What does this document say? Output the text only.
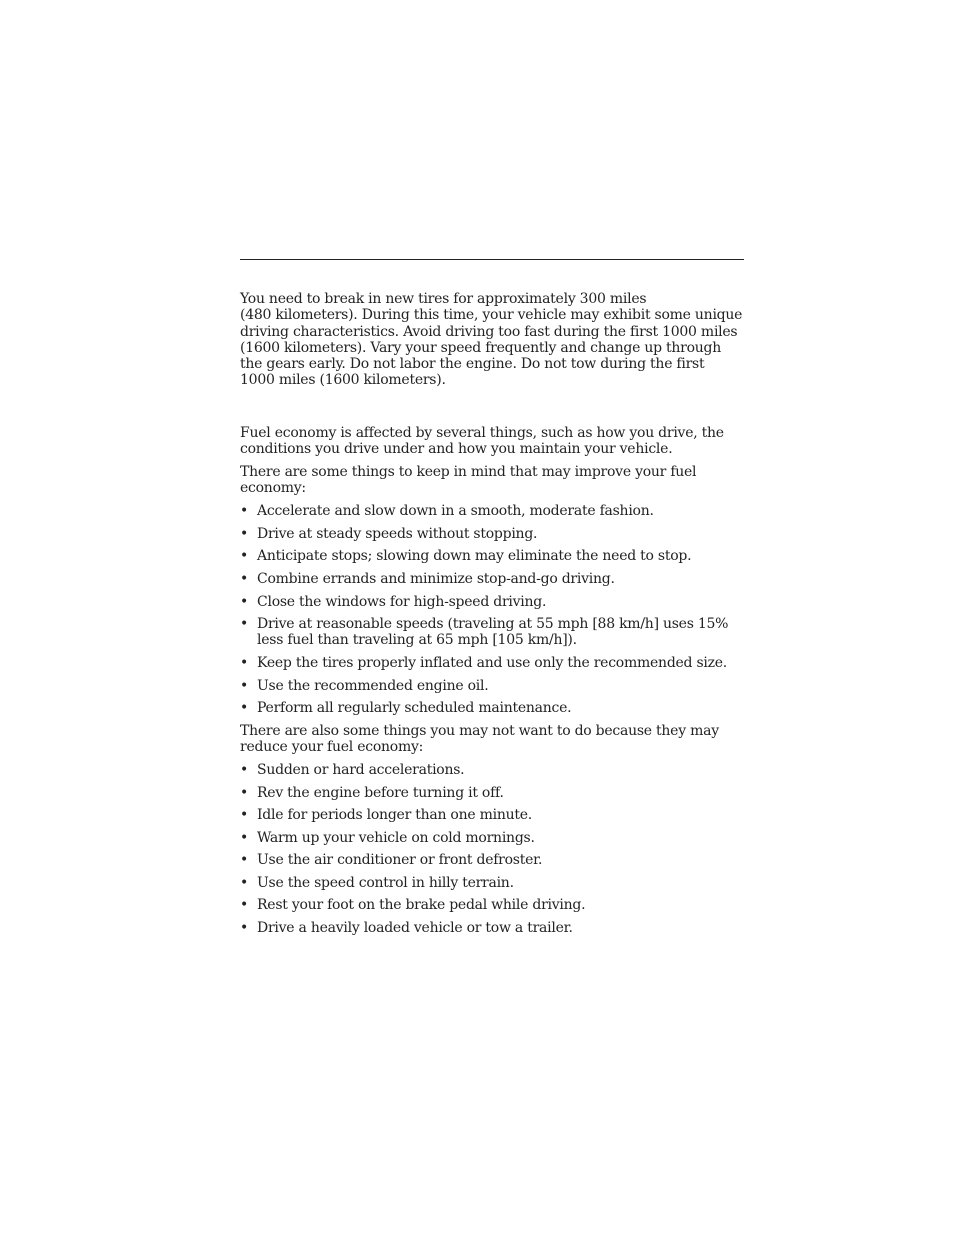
You need to break in new tires for approximately 300 miles
(480 kilometers). During this time, your vehicle may exhibit some unique
driving characteristics. Avoid driving too fast during the first 1000 miles
(1600 kilometers). Vary your speed frequently and change up through
the gears early. Do not labor the engine. Do not tow during the first
1000 miles (1600 kilometers).

Fuel economy is affected by several things, such as how you drive, the
conditions you drive under and how you maintain your vehicle.

There are some things to keep in mind that may improve your fuel
economy:

• Accelerate and slow down in a smooth, moderate fashion.
• Drive at steady speeds without stopping.
• Anticipate stops; slowing down may eliminate the need to stop.
• Combine errands and minimize stop-and-go driving.
• Close the windows for high-speed driving.
• Drive at reasonable speeds (traveling at 55 mph [88 km/h] uses 15%
less fuel than traveling at 65 mph [105 km/h]).
• Keep the tires properly inflated and use only the recommended size.
• Use the recommended engine oil.
• Perform all regularly scheduled maintenance.

There are also some things you may not want to do because they may
reduce your fuel economy:

• Sudden or hard accelerations.
• Rev the engine before turning it off.
• Idle for periods longer than one minute.
• Warm up your vehicle on cold mornings.
• Use the air conditioner or front defroster.
• Use the speed control in hilly terrain.
• Rest your foot on the brake pedal while driving.
• Drive a heavily loaded vehicle or tow a trailer.
